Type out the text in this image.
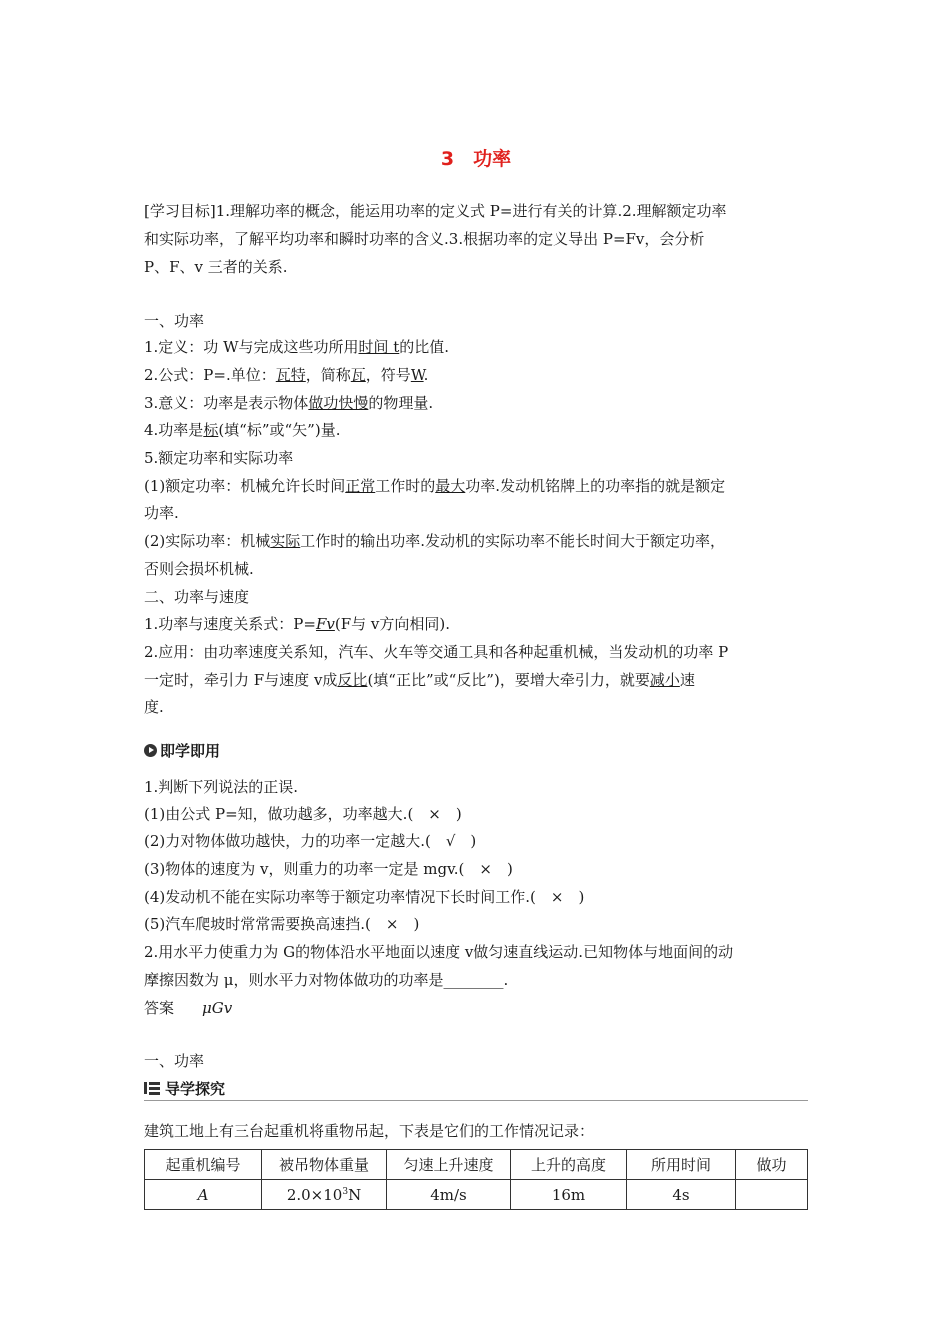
3　功率
[学习目标]1.理解功率的概念，能运用功率的定义式 P=进行有关的计算.2.理解额定功率
和实际功率，了解平均功率和瞬时功率的含义.3.根据功率的定义导出 P=Fv，会分析
P、F、v 三者的关系.
一、功率
1.定义：功 W与完成这些功所用时间 t的比值.
2.公式：P=.单位：瓦特，简称瓦，符号W.
3.意义：功率是表示物体做功快慢的物理量.
4.功率是标(填“标”或“矢”)量.
5.额定功率和实际功率
(1)额定功率：机械允许长时间正常工作时的最大功率.发动机铭牌上的功率指的就是额定
功率.
(2)实际功率：机械实际工作时的输出功率.发动机的实际功率不能长时间大于额定功率，
否则会损坏机械.
二、功率与速度
1.功率与速度关系式：P=Fv(F与 v方向相同).
2.应用：由功率速度关系知，汽车、火车等交通工具和各种起重机械，当发动机的功率 P
一定时，牵引力 F与速度 v成反比(填“正比”或“反比”)，要增大牵引力，就要减小速
度.
即学即用
1.判断下列说法的正误.
(1)由公式 P=知，做功越多，功率越大.(　×　)
(2)力对物体做功越快，力的功率一定越大.(　√　)
(3)物体的速度为 v，则重力的功率一定是 mgv.(　×　)
(4)发动机不能在实际功率等于额定功率情况下长时间工作.(　×　)
(5)汽车爬坡时常常需要换高速挡.(　×　)
2.用水平力使重力为 G的物体沿水平地面以速度 v做匀速直线运动.已知物体与地面间的动
摩擦因数为 μ，则水平力对物体做功的功率是________.
答案 μGv
一、功率
导学探究
建筑工地上有三台起重机将重物吊起，下表是它们的工作情况记录：
起重机编号	被吊物体重量	匀速上升速度	上升的高度	所用时间	做功
A	$2.0\times 10^3N$	4m/s	16m	4s	
